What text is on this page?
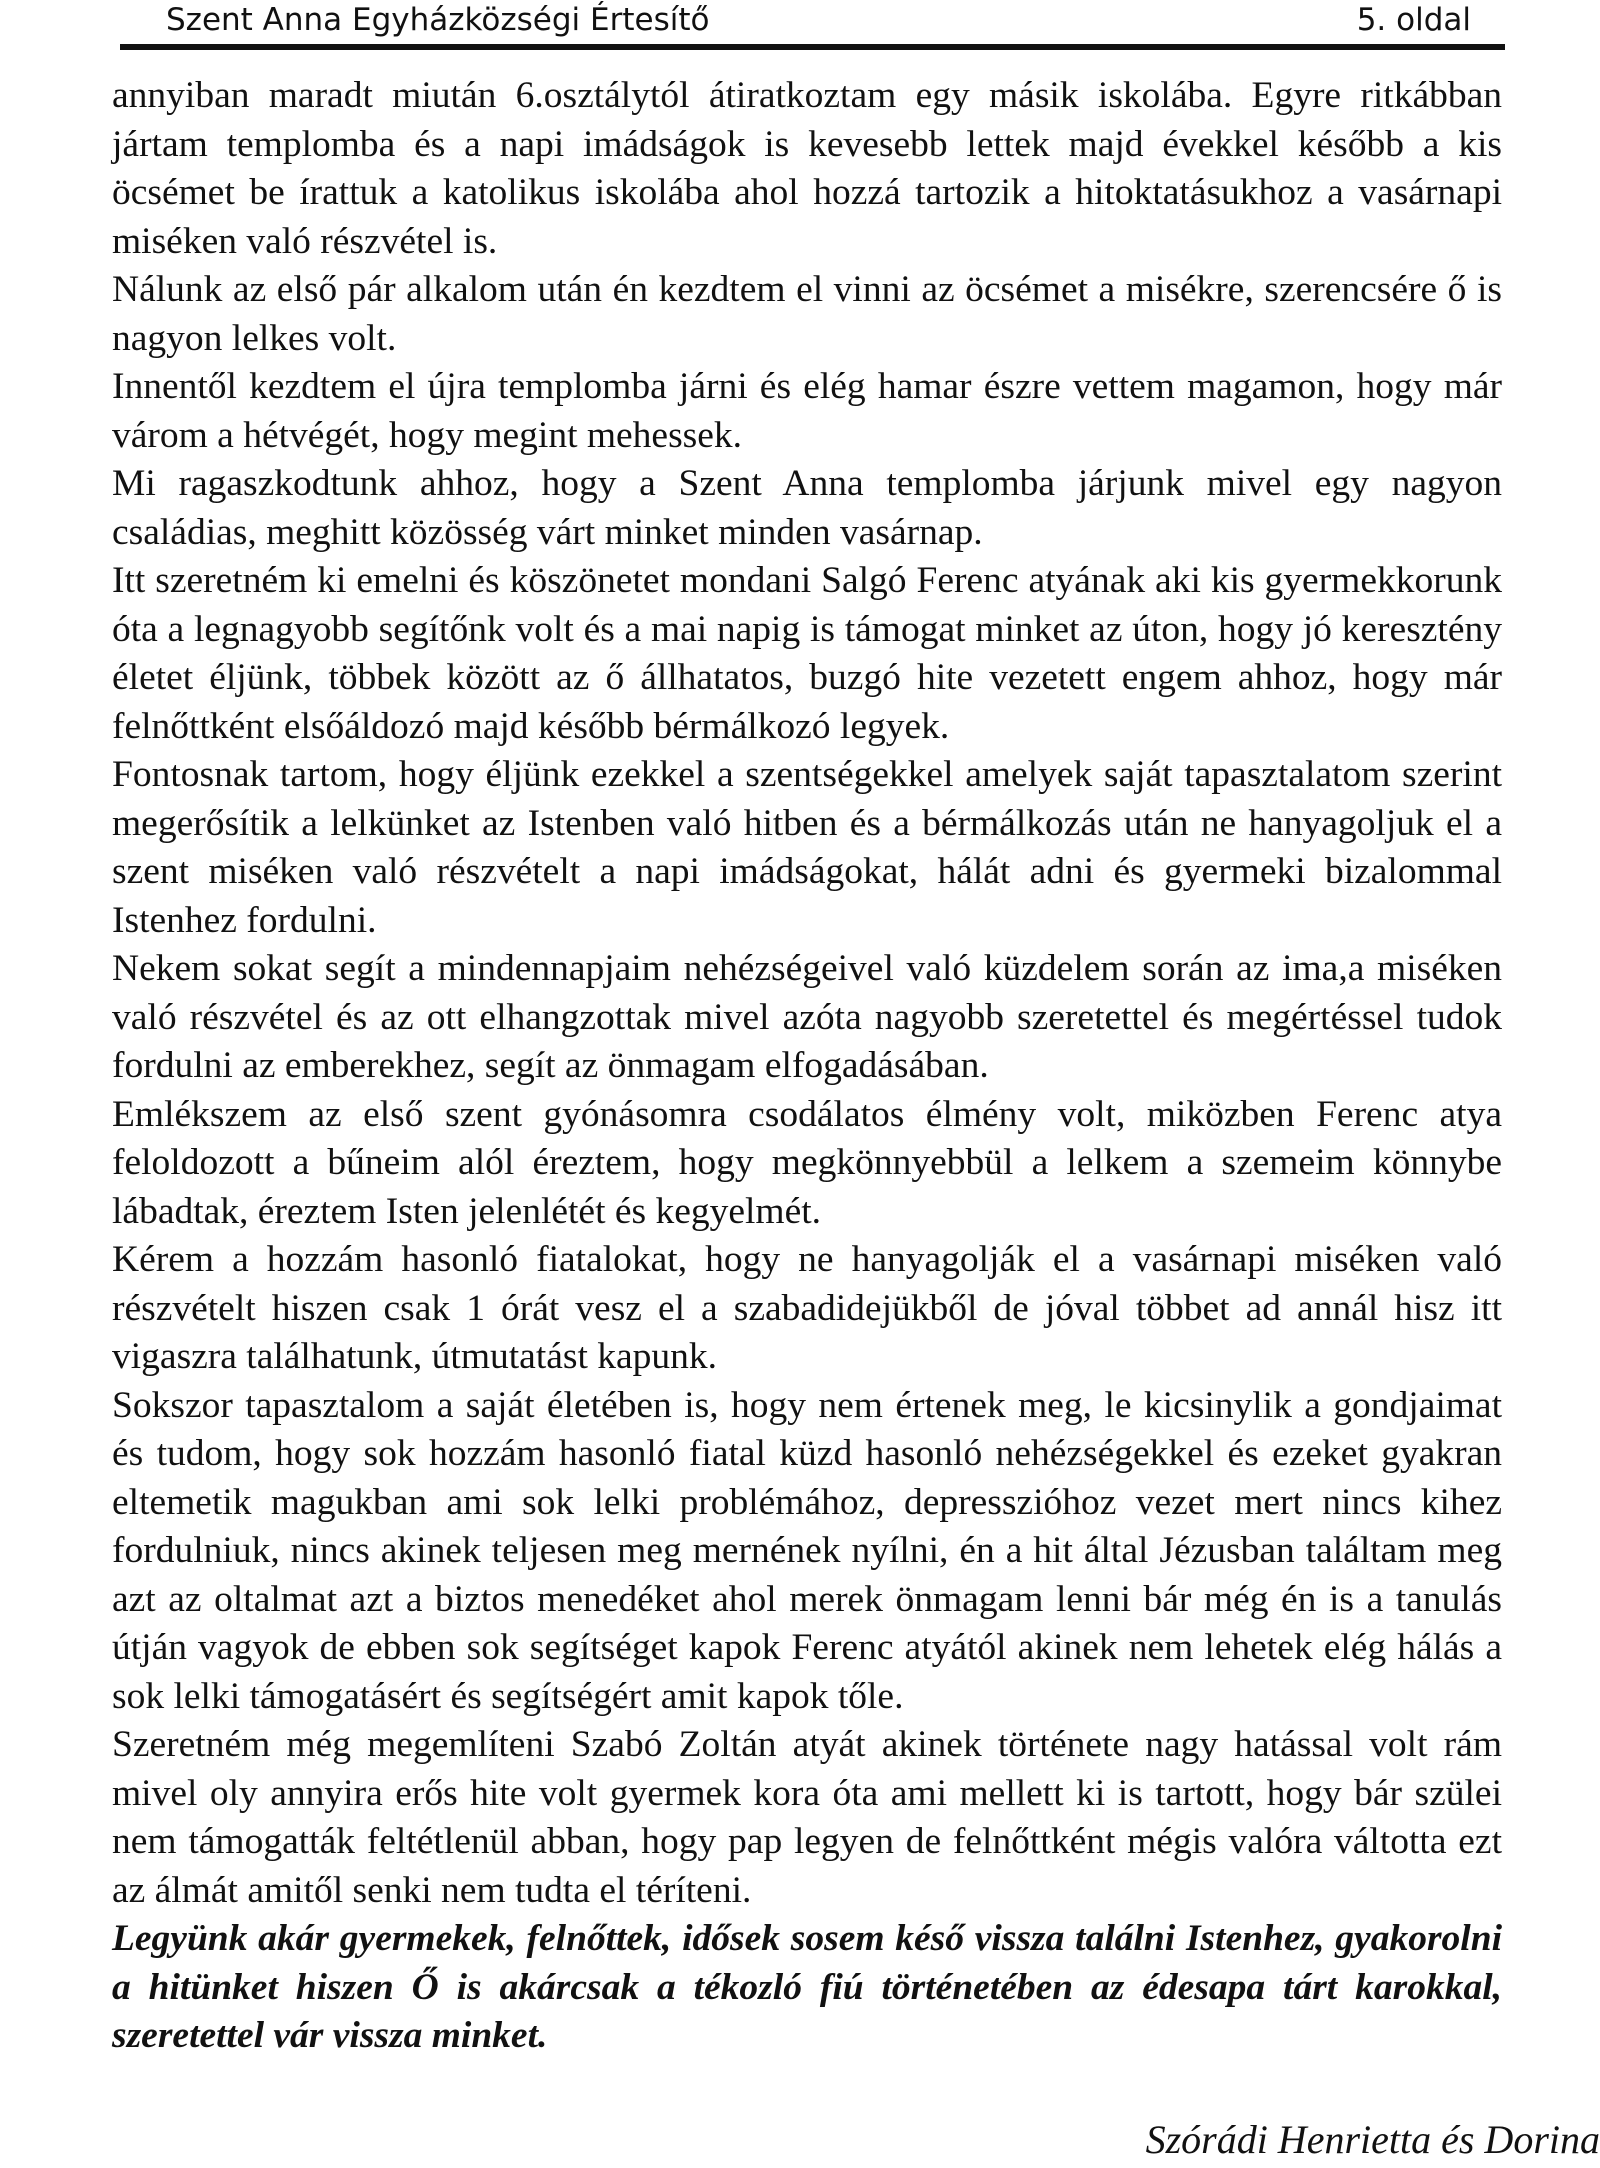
Szent Anna Egyházközségi Értesítő	5. oldal

annyiban maradt miután 6.osztálytól átiratkoztam egy másik iskolába. Egyre ritkábban jártam templomba és a napi imádságok is kevesebb lettek majd évekkel később a kis öcsémet be írattuk a katolikus iskolába ahol hozzá tartozik a hitoktatásukhoz a vasárnapi miséken való részvétel is.

Nálunk az első pár alkalom után én kezdtem el vinni az öcsémet a misékre, szerencsére ő is nagyon lelkes volt.

Innentől kezdtem el újra templomba járni és elég hamar észre vettem magamon, hogy már várom a hétvégét, hogy megint mehessek.

Mi ragaszkodtunk ahhoz, hogy a Szent Anna templomba járjunk mivel egy nagyon családias, meghitt közösség várt minket minden vasárnap.

Itt szeretném ki emelni és köszönetet mondani Salgó Ferenc atyának aki kis gyermekkorunk óta a legnagyobb segítőnk volt és a mai napig is támogat minket az úton, hogy jó keresztény életet éljünk, többek között az ő állhatatos, buzgó hite vezetett engem ahhoz, hogy már felnőttként elsőáldozó majd később bérmálkozó legyek.

Fontosnak tartom, hogy éljünk ezekkel a szentségekkel amelyek saját tapasztalatom szerint megerősítik a lelkünket az Istenben való hitben és a bérmálkozás után ne hanyagoljuk el a szent miséken való részvételt a napi imádságokat, hálát adni és gyermeki bizalommal Istenhez fordulni.

Nekem sokat segít a mindennapjaim nehézségeivel való küzdelem során az ima,a miséken való részvétel és az ott elhangzottak mivel azóta nagyobb szeretettel és megértéssel tudok fordulni az emberekhez, segít az önmagam elfogadásában.

Emlékszem az első szent gyónásomra csodálatos élmény volt, miközben Ferenc atya feloldozott a bűneim alól éreztem, hogy megkönnyebbül a lelkem a szemeim könnybe lábadtak, éreztem Isten jelenlétét és kegyelmét.

Kérem a hozzám hasonló fiatalokat, hogy ne hanyagolják el a vasárnapi miséken való részvételt hiszen csak 1 órát vesz el a szabadidejükből de jóval többet ad annál hisz itt vigaszra találhatunk, útmutatást kapunk.

Sokszor tapasztalom a saját életében is, hogy nem értenek meg, le kicsinylik a gondjaimat és tudom, hogy sok hozzám hasonló fiatal küzd hasonló nehézségekkel és ezeket gyakran eltemetik magukban ami sok lelki problémához, depresszióhoz vezet mert nincs kihez fordulniuk, nincs akinek teljesen meg mernének nyílni, én a hit által Jézusban találtam meg azt az oltalmat azt a biztos menedéket ahol merek önmagam lenni bár még én is a tanulás útján vagyok de ebben sok segítséget kapok Ferenc atyától akinek nem lehetek elég hálás a sok lelki támogatásért és segítségért amit kapok tőle.

Szeretném még megemlíteni Szabó Zoltán atyát akinek története nagy hatással volt rám mivel oly annyira erős hite volt gyermek kora óta ami mellett ki is tartott, hogy bár szülei nem támogatták feltétlenül abban, hogy pap legyen de felnőttként mégis valóra váltotta ezt az álmát amitől senki nem tudta el téríteni.

Legyünk akár gyermekek, felnőttek, idősek sosem késő vissza találni Istenhez, gyakorolni a hitünket hiszen Ő is akárcsak a tékozló fiú történetében az édesapa tárt karokkal, szeretettel vár vissza minket.

Szórádi Henrietta és Dorina
